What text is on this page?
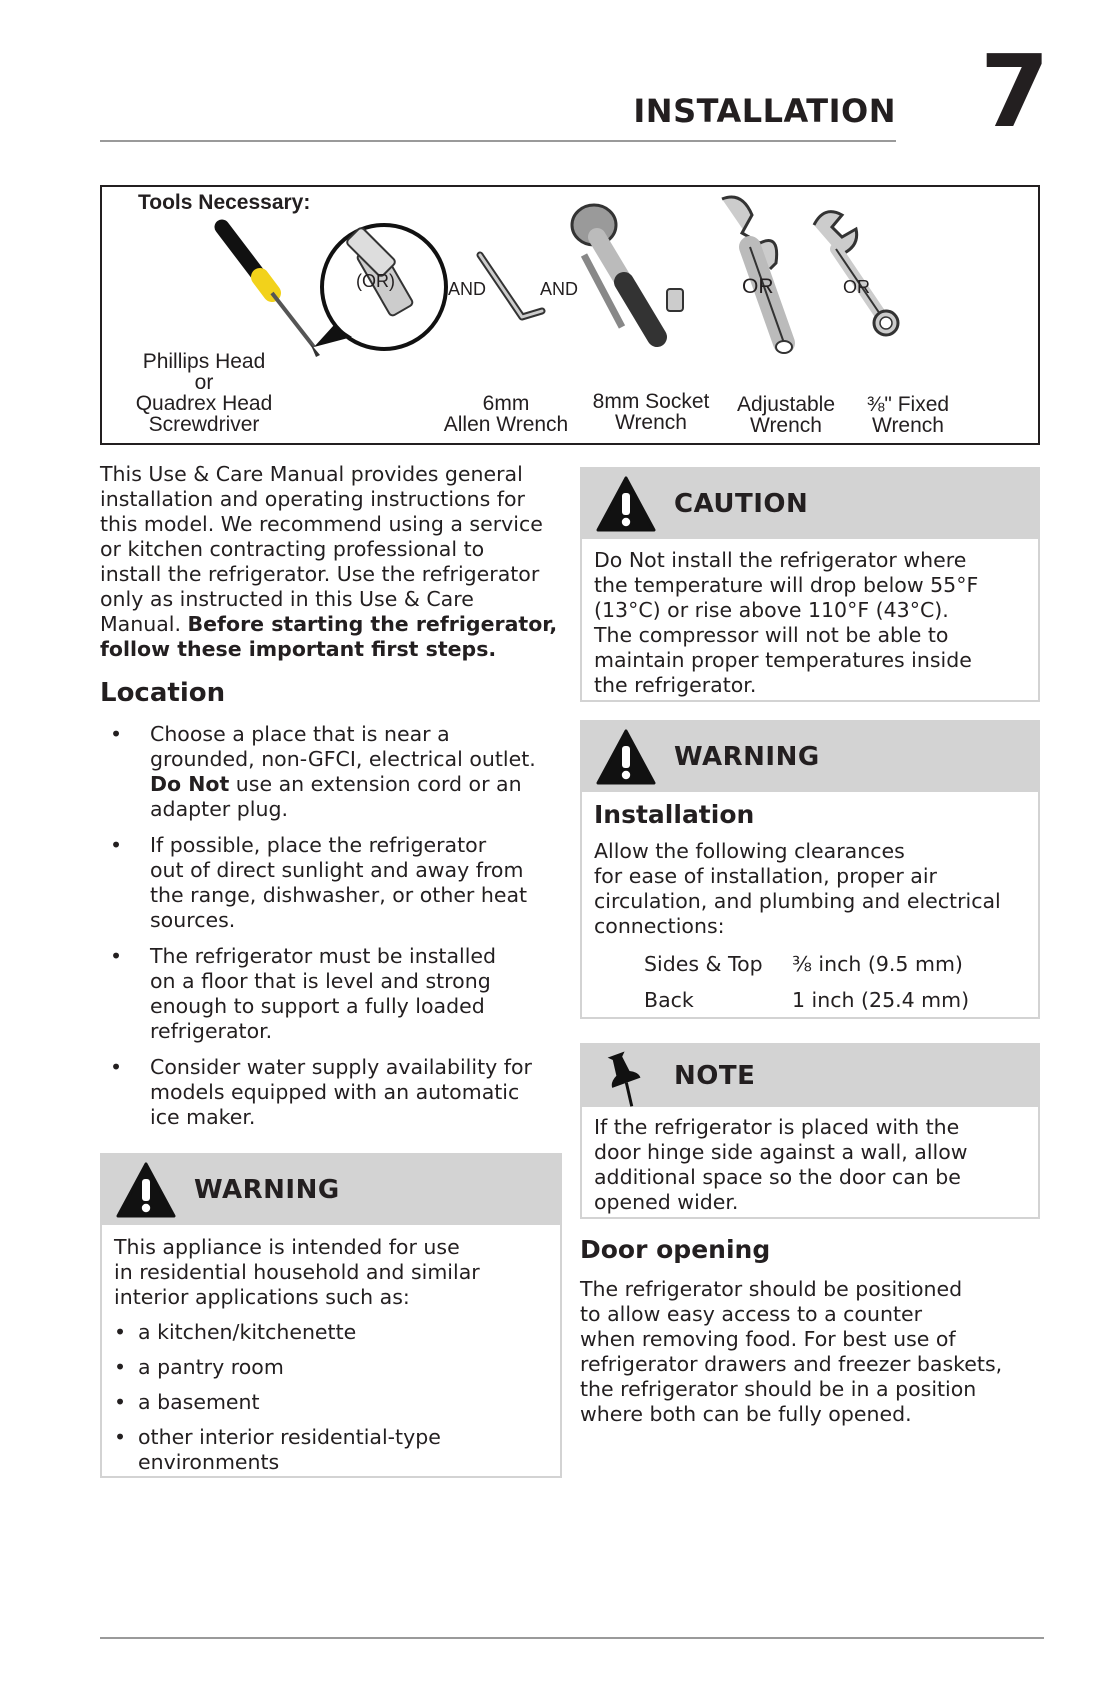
INSTALLATION 7
Tools Necessary:
(OR)	AND	AND	OR	OR
Phillips Head
or
Quadrex Head
Screwdriver
6mm
Allen Wrench
8mm Socket
Wrench
Adjustable
Wrench
⅜" Fixed
Wrench
This Use & Care Manual provides general
installation and operating instructions for
this model. We recommend using a service
or kitchen contracting professional to
install the refrigerator. Use the refrigerator
only as instructed in this Use & Care
Manual. Before starting the refrigerator,
follow these important first steps.
Location
• Choose a place that is near a
grounded, non-GFCI, electrical outlet.
Do Not use an extension cord or an
adapter plug.
• If possible, place the refrigerator
out of direct sunlight and away from
the range, dishwasher, or other heat
sources.
• The refrigerator must be installed
on a floor that is level and strong
enough to support a fully loaded
refrigerator.
• Consider water supply availability for
models equipped with an automatic
ice maker.
WARNING
This appliance is intended for use
in residential household and similar
interior applications such as:
• a kitchen/kitchenette
• a pantry room
• a basement
• other interior residential-type
environments
CAUTION
Do Not install the refrigerator where
the temperature will drop below 55°F
(13°C) or rise above 110°F (43°C).
The compressor will not be able to
maintain proper temperatures inside
the refrigerator.
WARNING
Installation
Allow the following clearances
for ease of installation, proper air
circulation, and plumbing and electrical
connections:
Sides & Top ⅜ inch (9.5 mm)
Back	1 inch (25.4 mm)
NOTE
If the refrigerator is placed with the
door hinge side against a wall, allow
additional space so the door can be
opened wider.
Door opening
The refrigerator should be positioned
to allow easy access to a counter
when removing food. For best use of
refrigerator drawers and freezer baskets,
the refrigerator should be in a position
where both can be fully opened.
